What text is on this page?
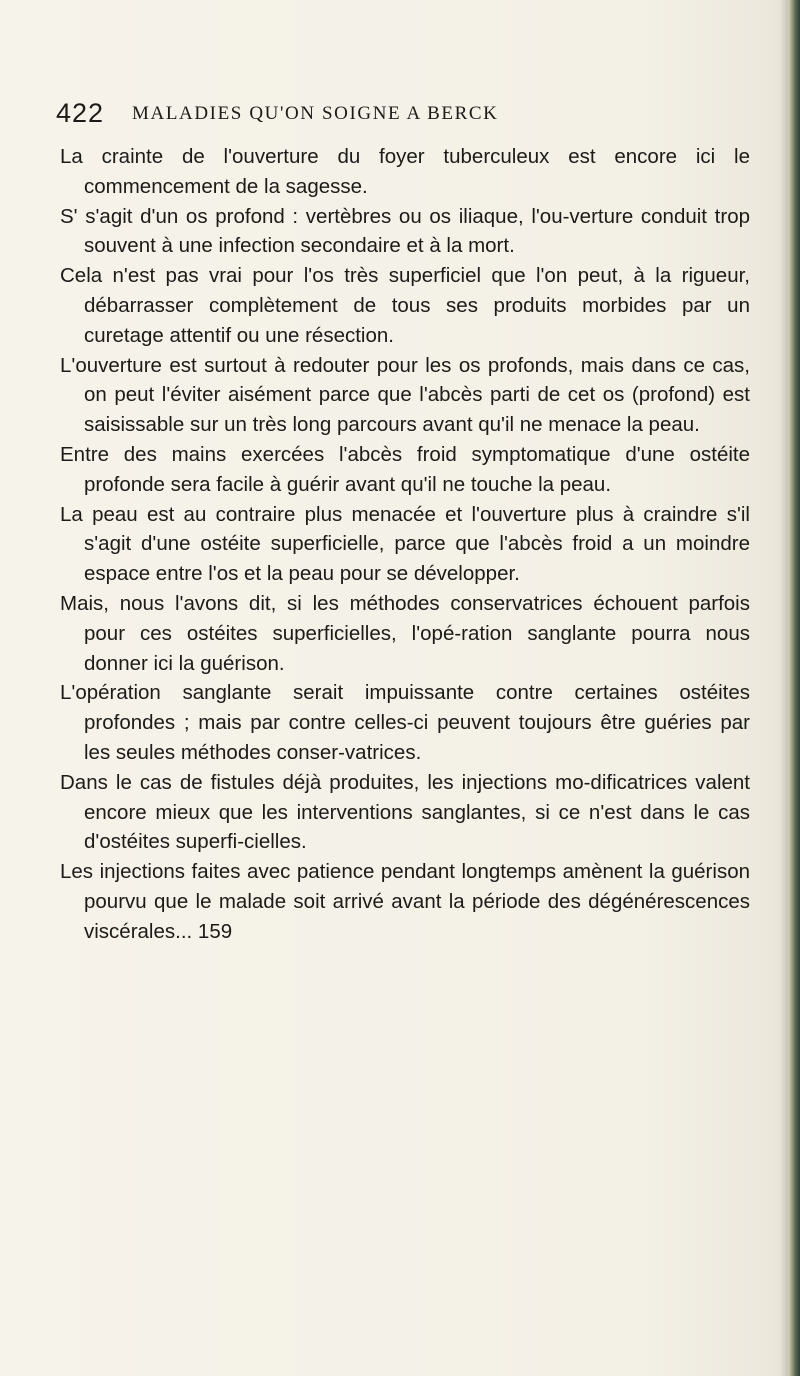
422 MALADIES QU'ON SOIGNE A BERCK

La crainte de l'ouverture du foyer tuberculeux est encore ici le commencement de la sagesse.

S' s'agit d'un os profond : vertèbres ou os iliaque, l'ou-verture conduit trop souvent à une infection secondaire et à la mort.

Cela n'est pas vrai pour l'os très superficiel que l'on peut, à la rigueur, débarrasser complètement de tous ses produits morbides par un curetage attentif ou une résection.

L'ouverture est surtout à redouter pour les os profonds, mais dans ce cas, on peut l'éviter aisément parce que l'abcès parti de cet os (profond) est saisissable sur un très long parcours avant qu'il ne menace la peau.

Entre des mains exercées l'abcès froid symptomatique d'une ostéite profonde sera facile à guérir avant qu'il ne touche la peau.

La peau est au contraire plus menacée et l'ouverture plus à craindre s'il s'agit d'une ostéite superficielle, parce que l'abcès froid a un moindre espace entre l'os et la peau pour se développer.

Mais, nous l'avons dit, si les méthodes conservatrices échouent parfois pour ces ostéites superficielles, l'opé-ration sanglante pourra nous donner ici la guérison.

L'opération sanglante serait impuissante contre certaines ostéites profondes ; mais par contre celles-ci peuvent toujours être guéries par les seules méthodes conser-vatrices.

Dans le cas de fistules déjà produites, les injections mo-dificatrices valent encore mieux que les interventions sanglantes, si ce n'est dans le cas d'ostéites superfi-cielles.

Les injections faites avec patience pendant longtemps amènent la guérison pourvu que le malade soit arrivé avant la période des dégénérescences viscérales... 159
